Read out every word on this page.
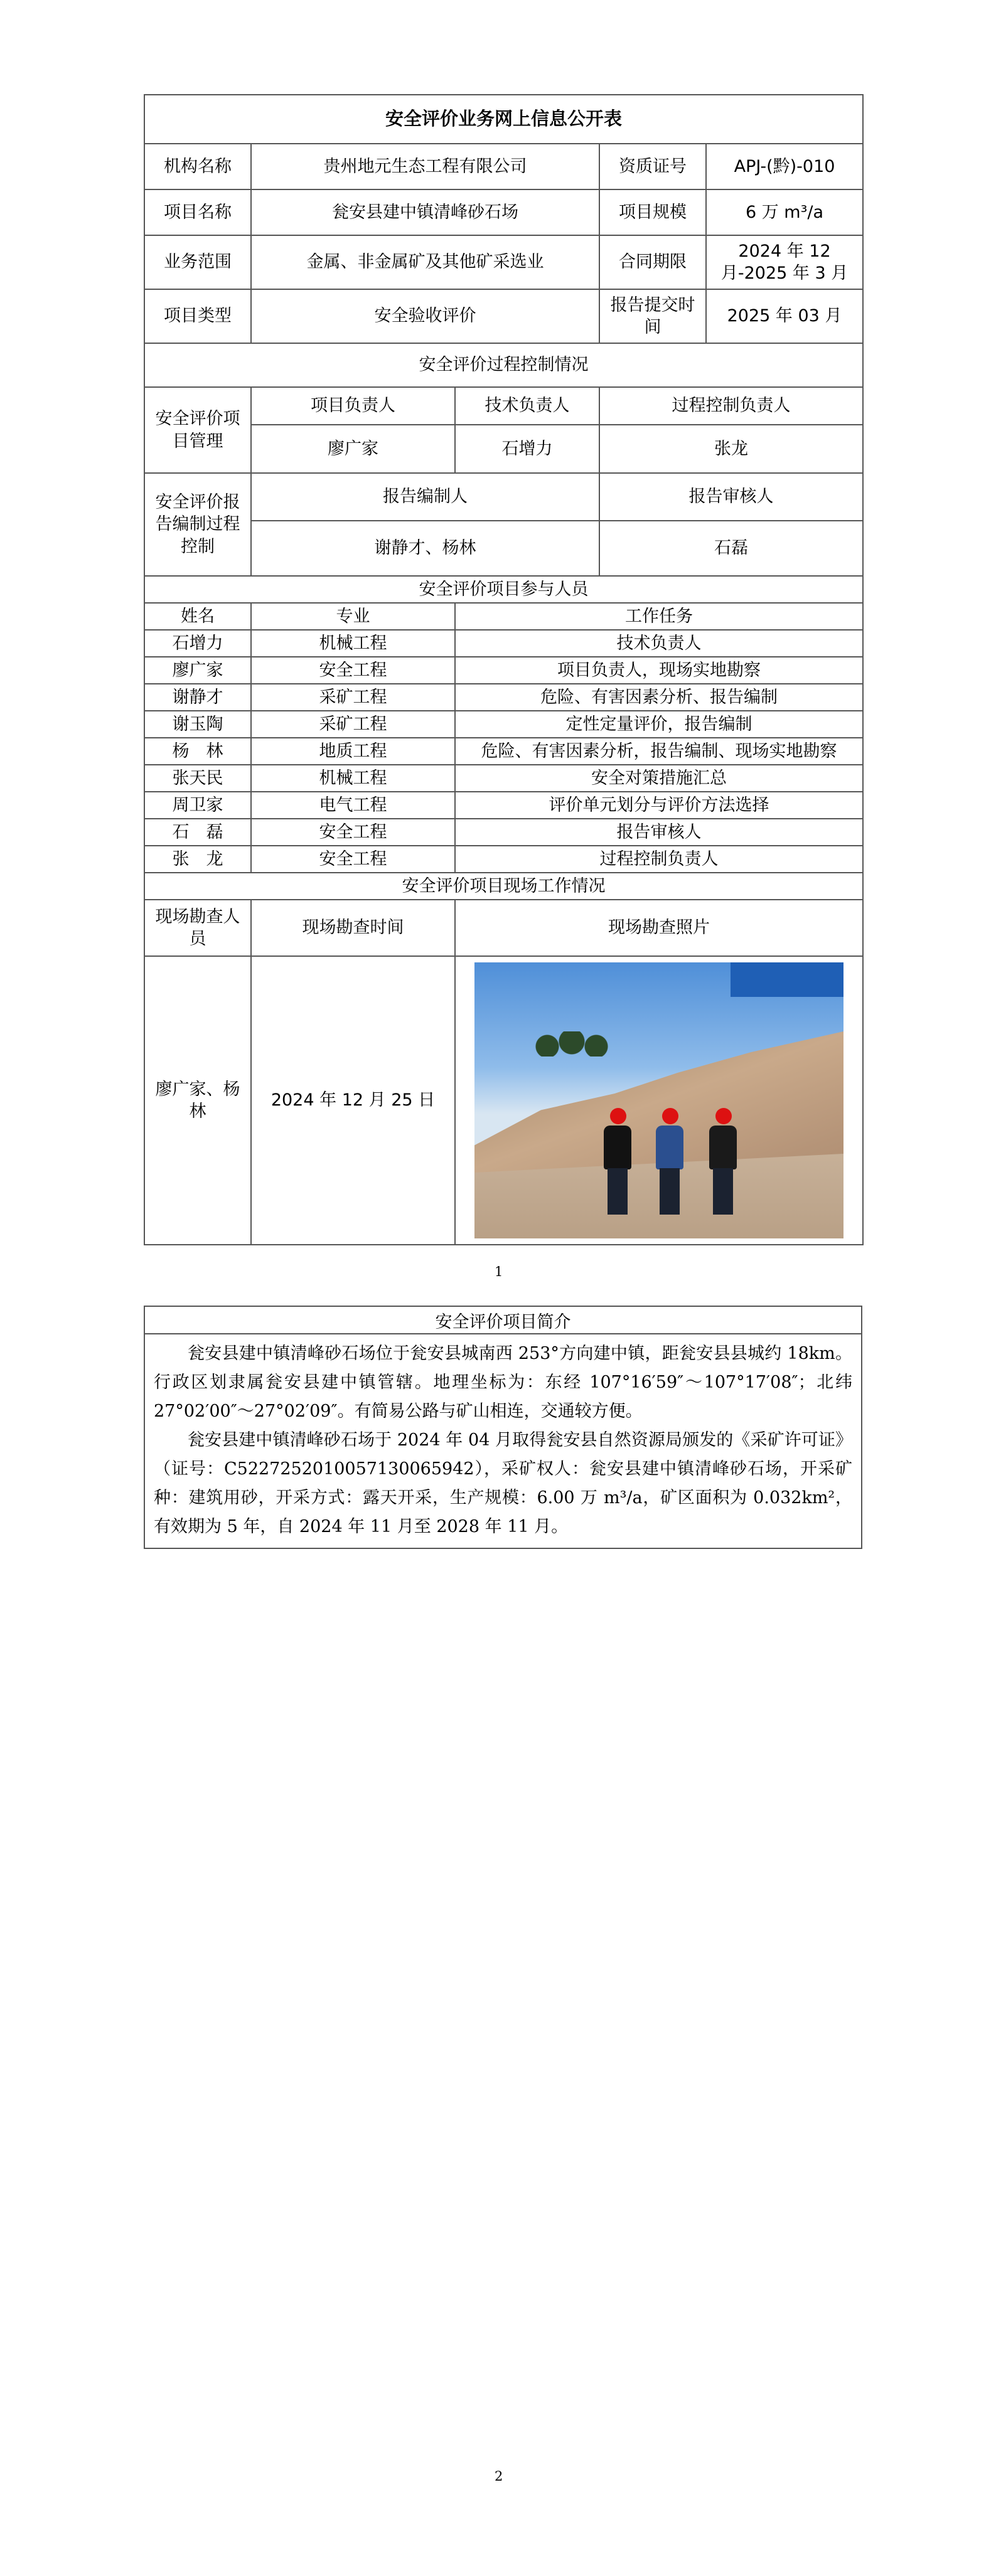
安全评价业务网上信息公开表				
机构名称	贵州地元生态工程有限公司		资质证号	APJ-(黔)-010
项目名称	瓮安县建中镇清峰砂石场		项目规模	6 万 m³/a
业务范围	金属、非金属矿及其他矿采选业		合同期限	2024 年 12 月-2025 年 3 月
项目类型	安全验收评价		报告提交时间	2025 年 03 月
安全评价过程控制情况				
安全评价项目管理	项目负责人	技术负责人	过程控制负责人	
	廖广家	石增力	张龙	
安全评价报告编制过程控制	报告编制人		报告审核人	
	谢静才、杨林		石磊	
安全评价项目参与人员				
姓名	专业	工作任务		
石增力	机械工程	技术负责人		
廖广家	安全工程	项目负责人，现场实地勘察		
谢静才	采矿工程	危险、有害因素分析、报告编制		
谢玉陶	采矿工程	定性定量评价，报告编制		
杨　林	地质工程	危险、有害因素分析，报告编制、现场实地勘察		
张天民	机械工程	安全对策措施汇总		
周卫家	电气工程	评价单元划分与评价方法选择		
石　磊	安全工程	报告审核人		
张　龙	安全工程	过程控制负责人		
安全评价项目现场工作情况				
现场勘查人员	现场勘查时间	现场勘查照片		
廖广家、杨林	2024 年 12 月 25 日			
1
安全评价项目简介

瓮安县建中镇清峰砂石场位于瓮安县城南西 253°方向建中镇，距瓮安县县城约 18km。行政区划隶属瓮安县建中镇管辖。地理坐标为：东经 107°16′59″～107°17′08″；北纬 27°02′00″～27°02′09″。有简易公路与矿山相连，交通较方便。

瓮安县建中镇清峰砂石场于 2024 年 04 月取得瓮安县自然资源局颁发的《采矿许可证》（证号：C5227252010057130065942），采矿权人：瓮安县建中镇清峰砂石场，开采矿种：建筑用砂，开采方式：露天开采，生产规模：6.00 万 m³/a，矿区面积为 0.032km²，有效期为 5 年，自 2024 年 11 月至 2028 年 11 月。

2
